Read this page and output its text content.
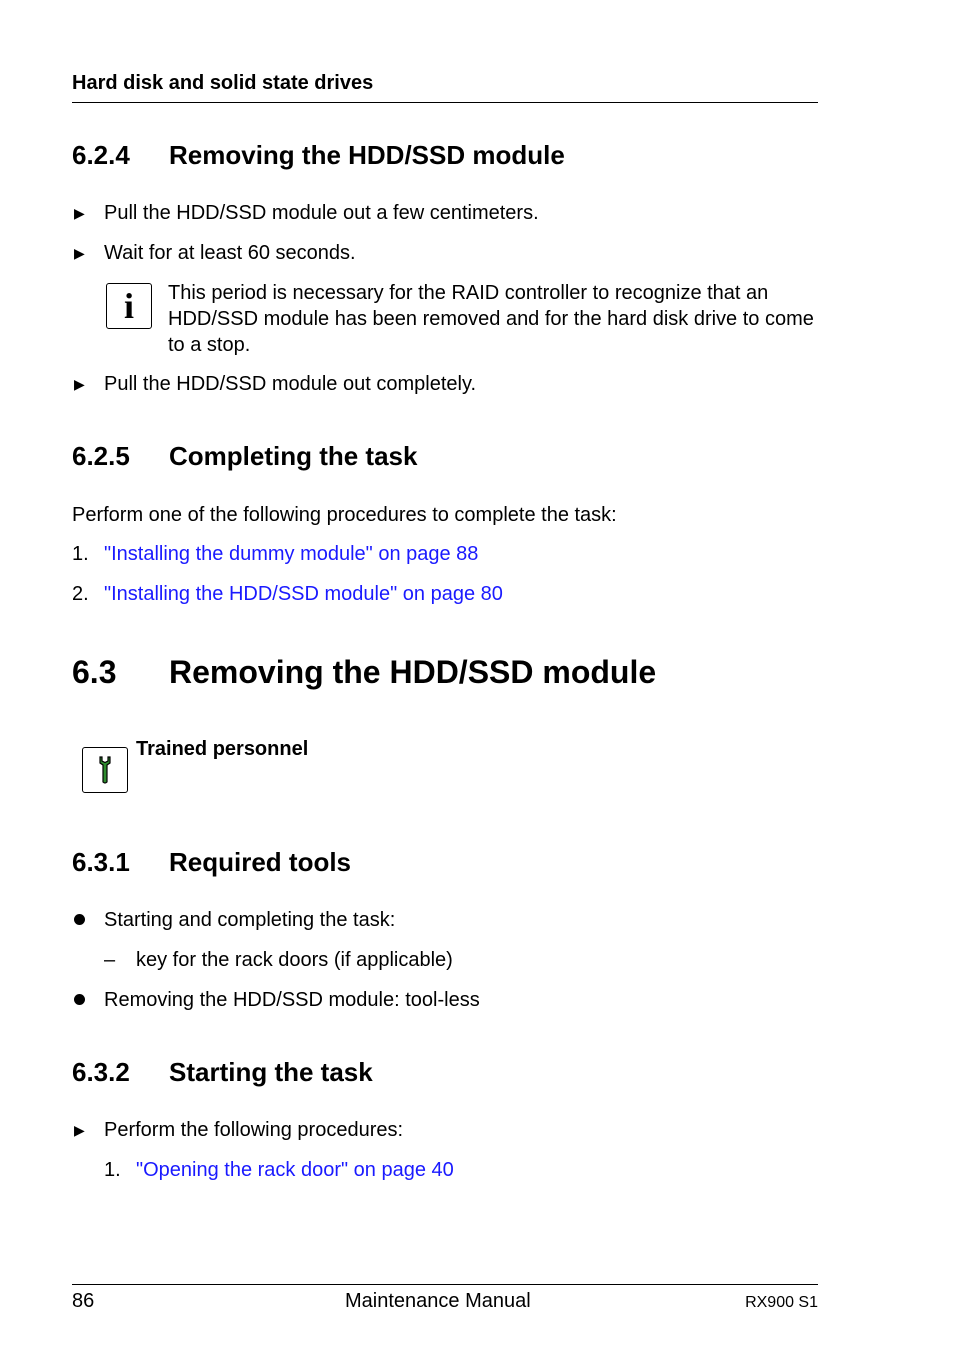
Hard disk and solid state drives
6.2.4 Removing the HDD/SSD module
▶ Pull the HDD/SSD module out a few centimeters.
▶ Wait for at least 60 seconds.
i	This period is necessary for the RAID controller to recognize that an HDD/SSD module has been removed and for the hard disk drive to come to a stop.
▶ Pull the HDD/SSD module out completely.
6.2.5 Completing the task
Perform one of the following procedures to complete the task:
1. "Installing the dummy module" on page 88
2. "Installing the HDD/SSD module" on page 80
6.3 Removing the HDD/SSD module
Trained personnel
6.3.1 Required tools
Starting and completing the task:
– key for the rack doors (if applicable)
Removing the HDD/SSD module: tool-less
6.3.2 Starting the task
▶ Perform the following procedures:
1. "Opening the rack door" on page 40
86	Maintenance Manual	RX900 S1
